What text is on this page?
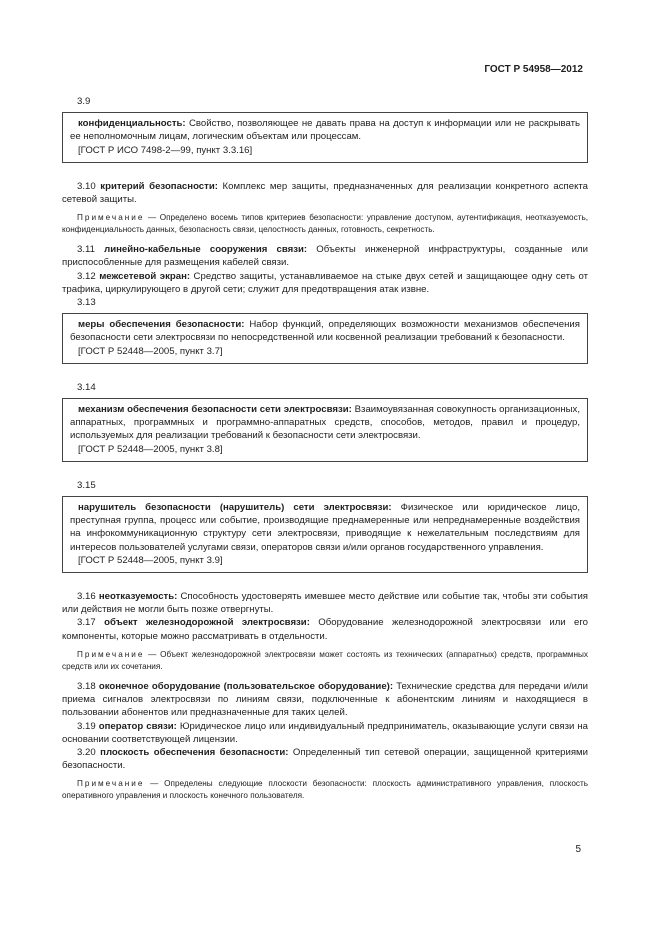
ГОСТ Р 54958—2012
3.9

конфиденциальность: Свойство, позволяющее не давать права на доступ к информации или не раскрывать ее неполномочным лицам, логическим объектам или процессам.

[ГОСТ Р ИСО 7498-2—99, пункт 3.3.16]

3.10 критерий безопасности: Комплекс мер защиты, предназначенных для реализации конкретного аспекта сетевой защиты.

Примечание — Определено восемь типов критериев безопасности: управление доступом, аутентификация, неотказуемость, конфиденциальность данных, безопасность связи, целостность данных, готовность, секретность.

3.11 линейно-кабельные сооружения связи: Объекты инженерной инфраструктуры, созданные или приспособленные для размещения кабелей связи.

3.12 межсетевой экран: Средство защиты, устанавливаемое на стыке двух сетей и защищающее одну сеть от трафика, циркулирующего в другой сети; служит для предотвращения атак извне.

3.13

меры обеспечения безопасности: Набор функций, определяющих возможности механизмов обеспечения безопасности сети электросвязи по непосредственной или косвенной реализации требований к безопасности.

[ГОСТ Р 52448—2005, пункт 3.7]

3.14

механизм обеспечения безопасности сети электросвязи: Взаимоувязанная совокупность организационных, аппаратных, программных и программно-аппаратных средств, способов, методов, правил и процедур, используемых для реализации требований к безопасности сети электросвязи.

[ГОСТ Р 52448—2005, пункт 3.8]

3.15

нарушитель безопасности (нарушитель) сети электросвязи: Физическое или юридическое лицо, преступная группа, процесс или событие, производящие преднамеренные или непреднамеренные воздействия на инфокоммуникационную структуру сети электросвязи, приводящие к нежелательным последствиям для интересов пользователей услугами связи, операторов связи и/или органов государственного управления.

[ГОСТ Р 52448—2005, пункт 3.9]

3.16 неотказуемость: Способность удостоверять имевшее место действие или событие так, чтобы эти события или действия не могли быть позже отвергнуты.

3.17 объект железнодорожной электросвязи: Оборудование железнодорожной электросвязи или его компоненты, которые можно рассматривать в отдельности.

Примечание — Объект железнодорожной электросвязи может состоять из технических (аппаратных) средств, программных средств или их сочетания.

3.18 оконечное оборудование (пользовательское оборудование): Технические средства для передачи и/или приема сигналов электросвязи по линиям связи, подключенные к абонентским линиям и находящиеся в пользовании абонентов или предназначенные для таких целей.

3.19 оператор связи: Юридическое лицо или индивидуальный предприниматель, оказывающие услуги связи на основании соответствующей лицензии.

3.20 плоскость обеспечения безопасности: Определенный тип сетевой операции, защищенной критериями безопасности.

Примечание — Определены следующие плоскости безопасности: плоскость административного управления, плоскость оперативного управления и плоскость конечного пользователя.

5
